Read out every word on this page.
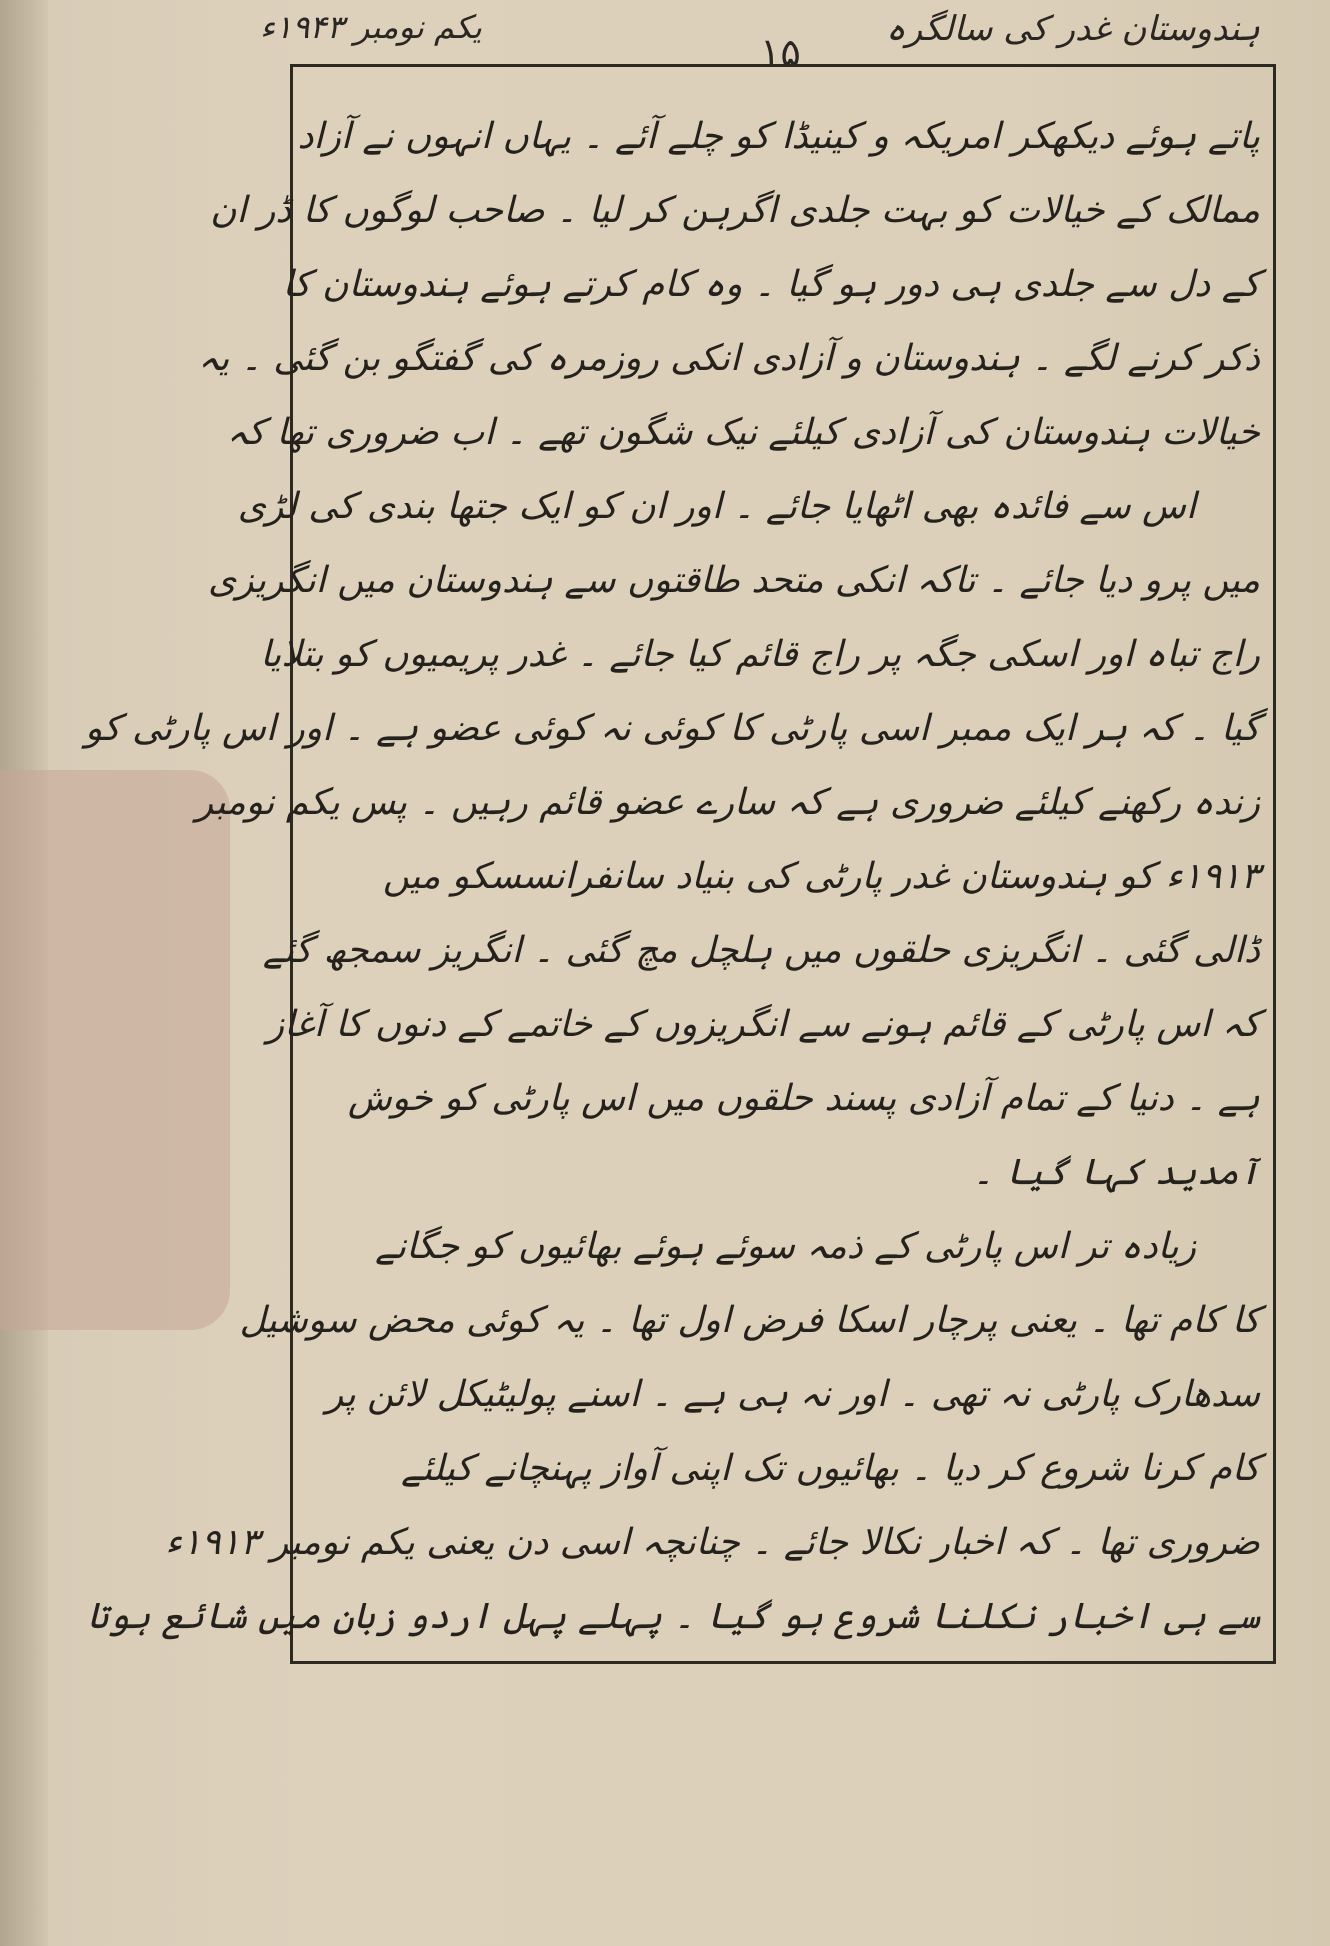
ہندوستان غدر کی سالگرہ
۱۵
یکم نومبر ۱۹۴۳ء
پاتے ہوئے دیکھکر امریکہ و کینیڈا کو چلے آئے ۔ یہاں انہوں نے آزاد
ممالک کے خیالات کو بہت جلدی اگرہن کر لیا ۔ صاحب لوگوں کا ڈر ان
کے دل سے جلدی ہی دور ہو گیا ۔ وہ کام کرتے ہوئے ہندوستان کا
ذکر کرنے لگے ۔ ہندوستان و آزادی انکی روزمرہ کی گفتگو بن گئی ۔ یہ
خیالات ہندوستان کی آزادی کیلئے نیک شگون تھے ۔ اب ضروری تھا کہ
اس سے فائدہ بھی اٹھایا جائے ۔ اور ان کو ایک جتھا بندی کی لڑی
میں پرو دیا جائے ۔ تاکہ انکی متحد طاقتوں سے ہندوستان میں انگریزی
راج تباہ اور اسکی جگہ پر راج قائم کیا جائے ۔ غدر پریمیوں کو بتلایا
گیا ۔ کہ ہر ایک ممبر اسی پارٹی کا کوئی نہ کوئی عضو ہے ۔ اور اس پارٹی کو
زندہ رکھنے کیلئے ضروری ہے کہ سارے عضو قائم رہیں ۔ پس یکم نومبر
۱۹۱۳ء کو ہندوستان غدر پارٹی کی بنیاد سانفرانسسکو میں
ڈالی گئی ۔ انگریزی حلقوں میں ہلچل مچ گئی ۔ انگریز سمجھ گئے
کہ اس پارٹی کے قائم ہونے سے انگریزوں کے خاتمے کے دنوں کا آغاز
ہے ۔ دنیا کے تمام آزادی پسند حلقوں میں اس پارٹی کو خوش
آمدید کہا گیا ۔
زیادہ تر اس پارٹی کے ذمہ سوئے ہوئے بھائیوں کو جگانے
کا کام تھا ۔ یعنی پرچار اسکا فرض اول تھا ۔ یہ کوئی محض سوشیل
سدھارک پارٹی نہ تھی ۔ اور نہ ہی ہے ۔ اسنے پولیٹیکل لائن پر
کام کرنا شروع کر دیا ۔ بھائیوں تک اپنی آواز پہنچانے کیلئے
ضروری تھا ۔ کہ اخبار نکالا جائے ۔ چنانچہ اسی دن یعنی یکم نومبر ۱۹۱۳ء
سے ہی اخبار نکلنا شروع ہو گیا ۔ پہلے پہل اردو زبان میں شائع ہوتا
